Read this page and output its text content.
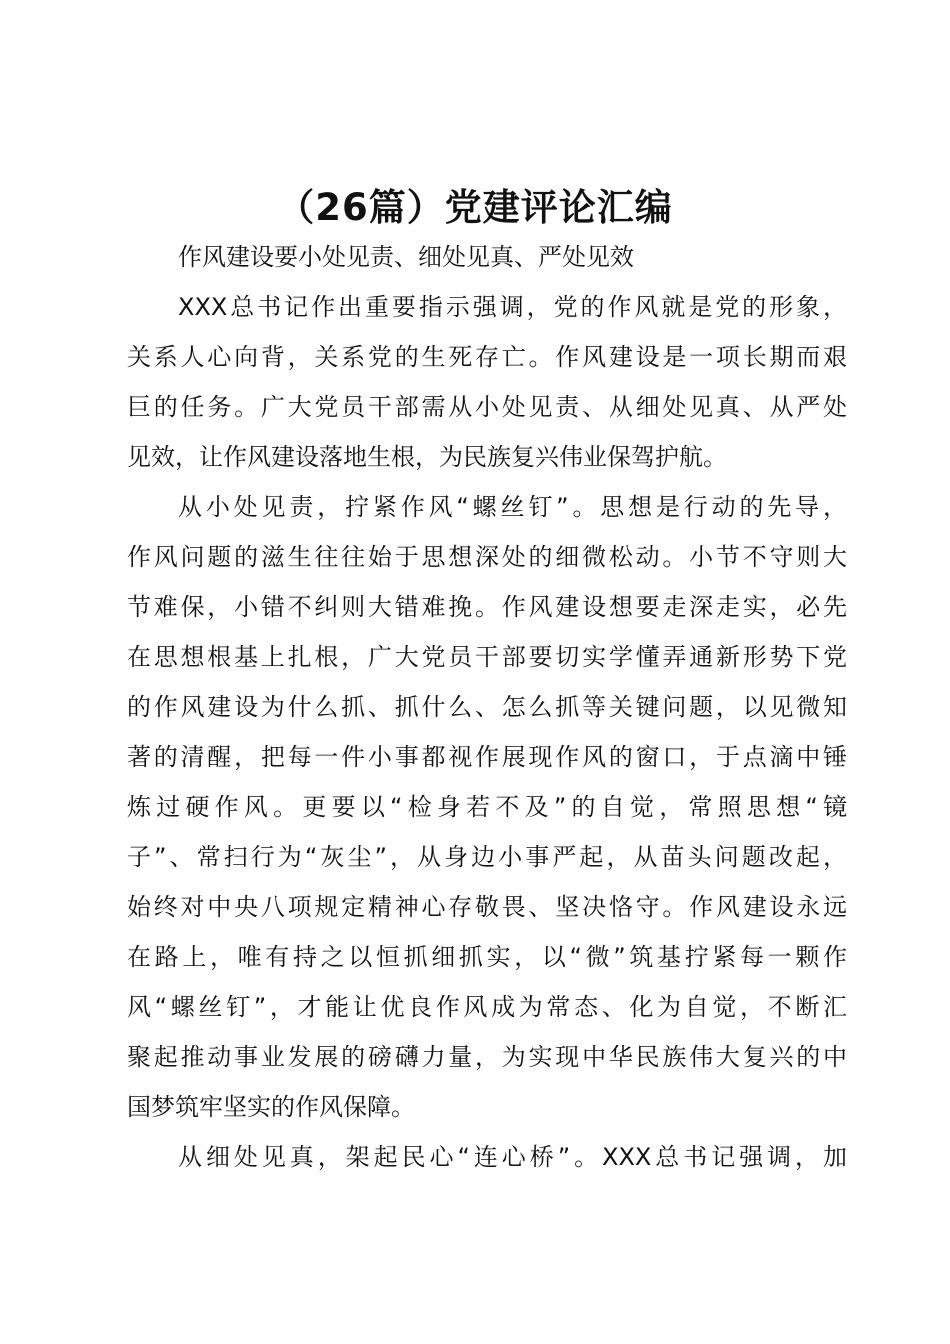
（26篇）党建评论汇编
作风建设要小处见责、细处见真、严处见效
XXX总书记作出重要指示强调，党的作风就是党的形象，
关系人心向背，关系党的生死存亡。作风建设是一项长期而艰
巨的任务。广大党员干部需从小处见责、从细处见真、从严处
见效，让作风建设落地生根，为民族复兴伟业保驾护航。
从小处见责，拧紧作风“螺丝钉”。思想是行动的先导，
作风问题的滋生往往始于思想深处的细微松动。小节不守则大
节难保，小错不纠则大错难挽。作风建设想要走深走实，必先
在思想根基上扎根，广大党员干部要切实学懂弄通新形势下党
的作风建设为什么抓、抓什么、怎么抓等关键问题，以见微知
著的清醒，把每一件小事都视作展现作风的窗口，于点滴中锤
炼过硬作风。更要以“检身若不及”的自觉，常照思想“镜
子”、常扫行为“灰尘”，从身边小事严起，从苗头问题改起，
始终对中央八项规定精神心存敬畏、坚决恪守。作风建设永远
在路上，唯有持之以恒抓细抓实，以“微”筑基拧紧每一颗作
风“螺丝钉”，才能让优良作风成为常态、化为自觉，不断汇
聚起推动事业发展的磅礴力量，为实现中华民族伟大复兴的中
国梦筑牢坚实的作风保障。
从细处见真，架起民心“连心桥”。XXX总书记强调，加
